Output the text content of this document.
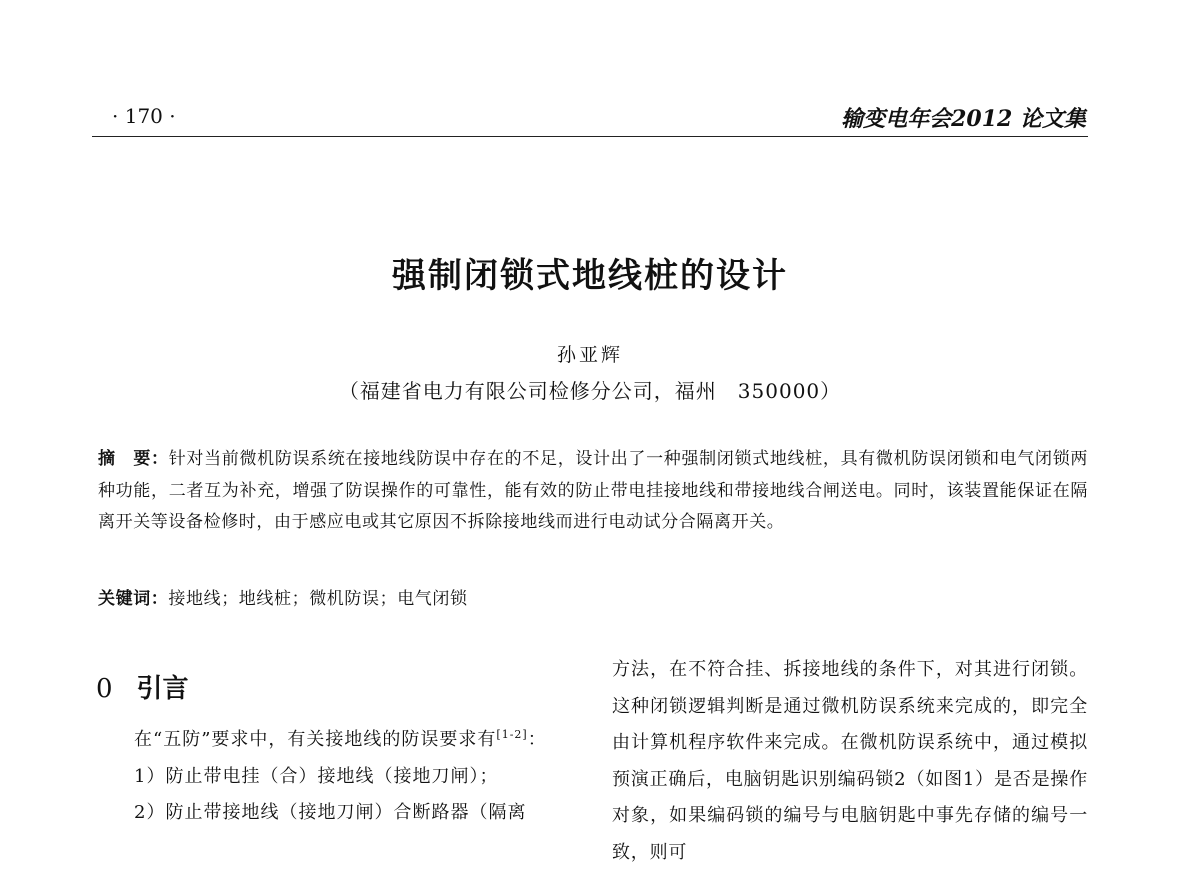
· 170 ·	输变电年会2012 论文集
强制闭锁式地线桩的设计
孙亚辉
（福建省电力有限公司检修分公司，福州　350000）
摘　要：针对当前微机防误系统在接地线防误中存在的不足，设计出了一种强制闭锁式地线桩，具有微机防误闭锁和电气闭锁两种功能，二者互为补充，增强了防误操作的可靠性，能有效的防止带电挂接地线和带接地线合闸送电。同时，该装置能保证在隔离开关等设备检修时，由于感应电或其它原因不拆除接地线而进行电动试分合隔离开关。
关键词：接地线；地线桩；微机防误；电气闭锁
0 引言

在“五防”要求中，有关接地线的防误要求有[1-2]：

1）防止带电挂（合）接地线（接地刀闸）；

2）防止带接地线（接地刀闸）合断路器（隔离

方法，在不符合挂、拆接地线的条件下，对其进行闭锁。这种闭锁逻辑判断是通过微机防误系统来完成的，即完全由计算机程序软件来完成。在微机防误系统中，通过模拟预演正确后，电脑钥匙识别编码锁2（如图1）是否是操作对象，如果编码锁的编号与电脑钥匙中事先存储的编号一致，则可
